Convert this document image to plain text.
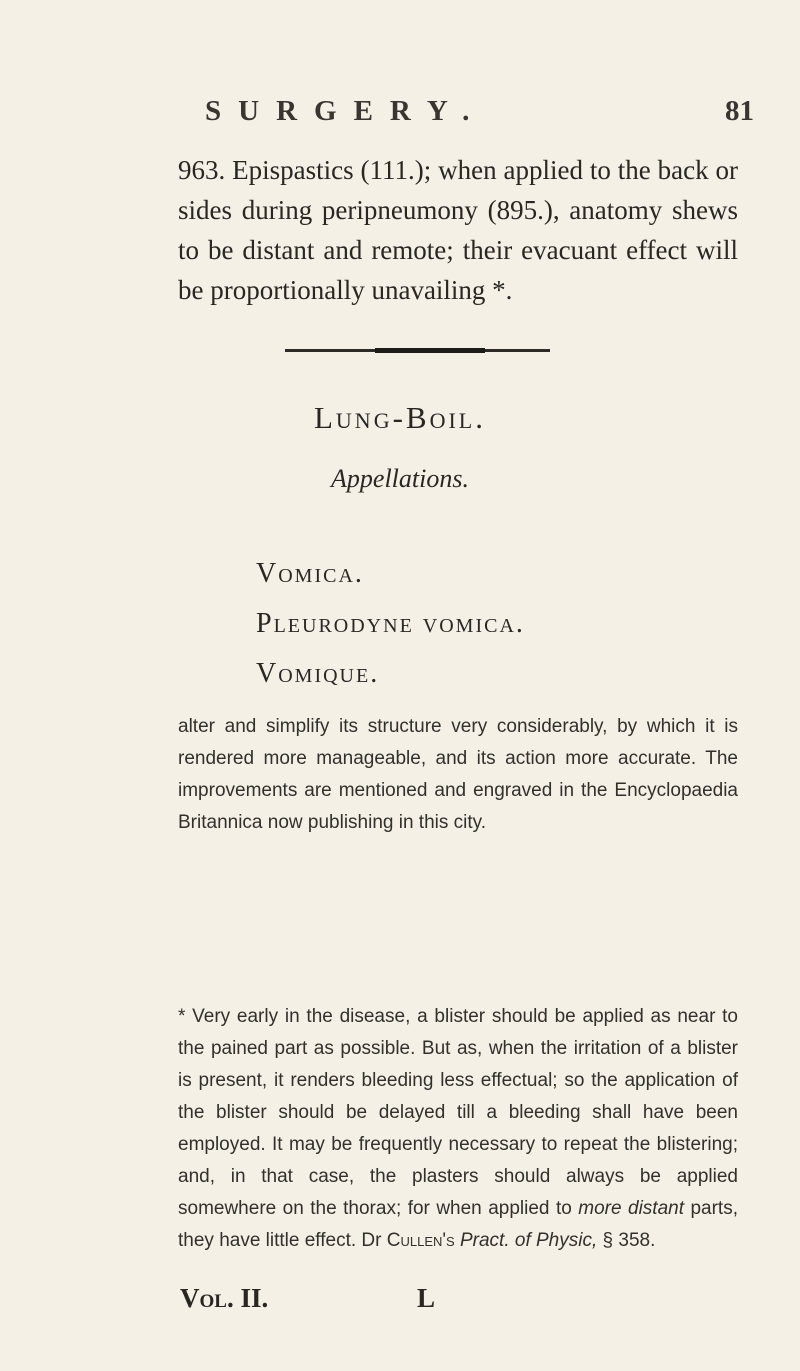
SURGERY.	81

963. Epispastics (111.); when applied to the back or sides during peripneumony (895.), anatomy shews to be distant and remote; their evacuant effect will be proportionally unavailing *.

Lung-Boil.
Appellations.
Vomica.
Pleurodyne vomica.
Vomique.

alter and simplify its structure very considerably, by which it is rendered more manageable, and its action more accurate. The improvements are mentioned and engraved in the Encyclopaedia Britannica now publishing in this city.

* Very early in the disease, a blister should be applied as near to the pained part as possible. But as, when the irritation of a blister is present, it renders bleeding less effectual; so the application of the blister should be delayed till a bleeding shall have been employed. It may be frequently necessary to repeat the blistering; and, in that case, the plasters should always be applied somewhere on the thorax; for when applied to more distant parts, they have little effect. Dr Cullen's Pract. of Physic, § 358.

Vol. II.	L
